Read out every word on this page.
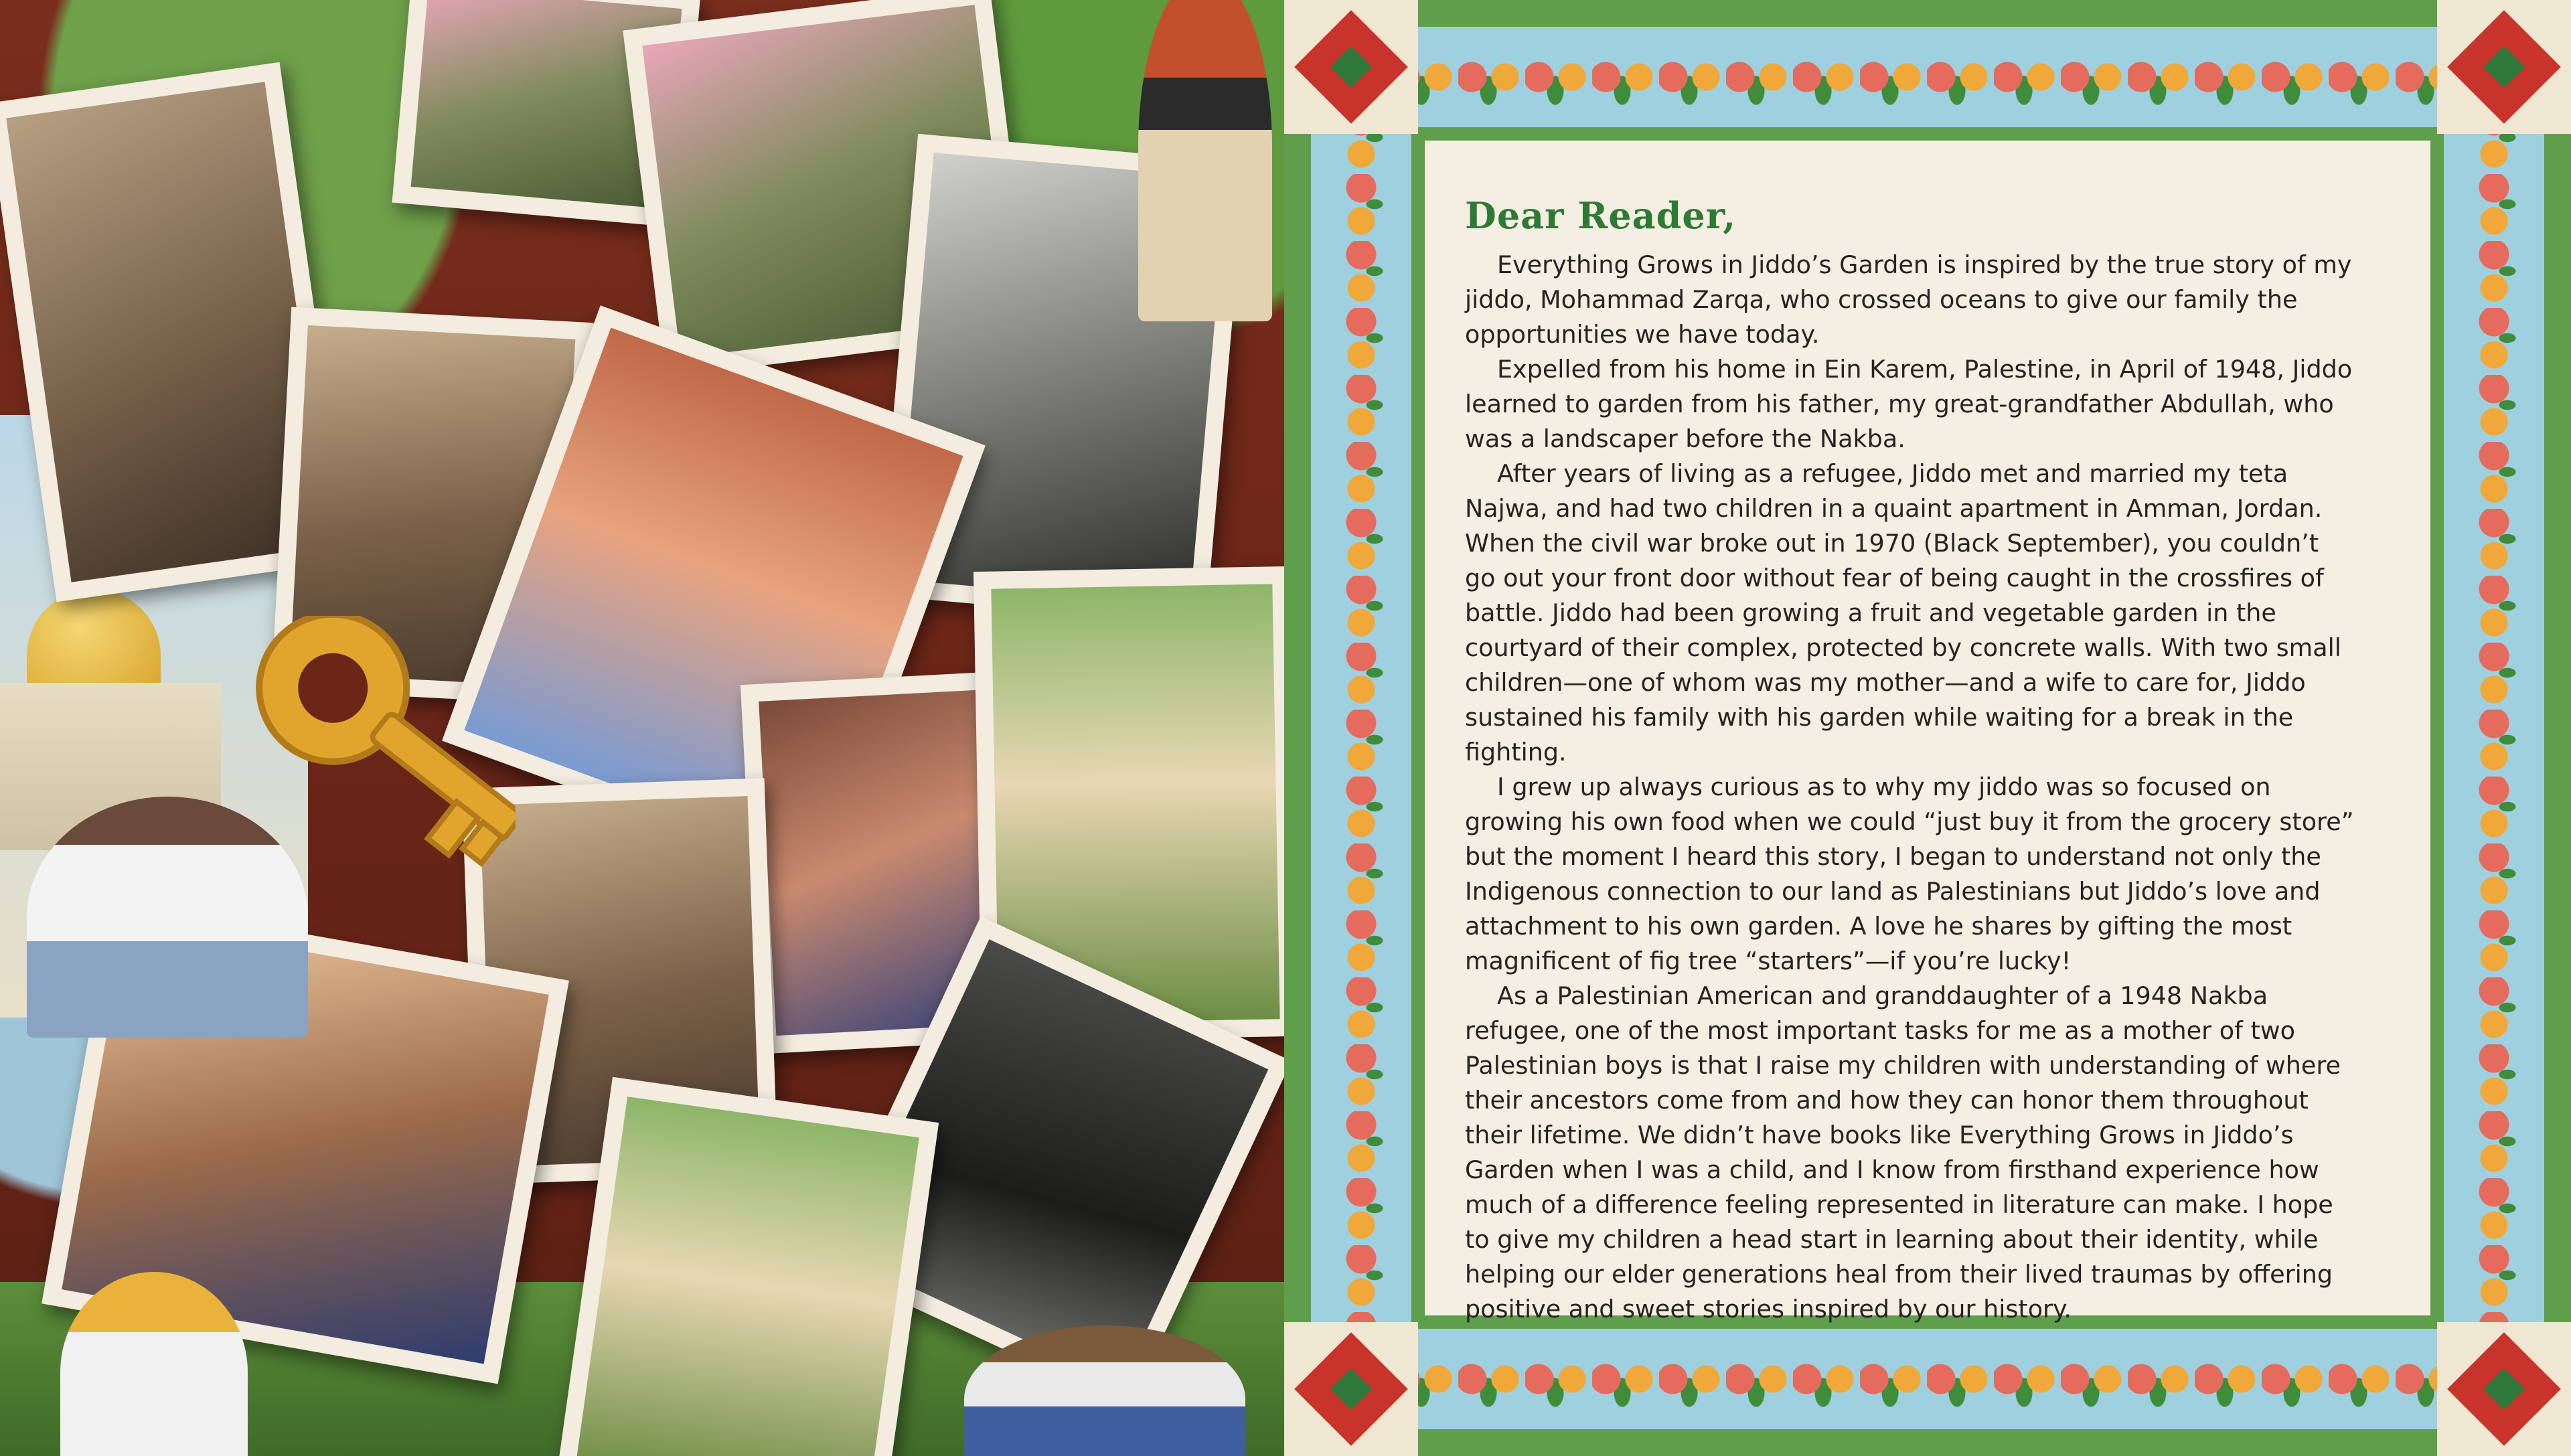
Dear Reader,

Everything Grows in Jiddo’s Garden is inspired by the true story of my jiddo, Mohammad Zarqa, who crossed oceans to give our family the opportunities we have today.

Expelled from his home in Ein Karem, Palestine, in April of 1948, Jiddo learned to garden from his father, my great-grandfather Abdullah, who was a landscaper before the Nakba.

After years of living as a refugee, Jiddo met and married my teta Najwa, and had two children in a quaint apartment in Amman, Jordan. When the civil war broke out in 1970 (Black September), you couldn’t go out your front door without fear of being caught in the crossfires of battle. Jiddo had been growing a fruit and vegetable garden in the courtyard of their complex, protected by concrete walls. With two small children—one of whom was my mother—and a wife to care for, Jiddo sustained his family with his garden while waiting for a break in the fighting.

I grew up always curious as to why my jiddo was so focused on growing his own food when we could “just buy it from the grocery store” but the moment I heard this story, I began to understand not only the Indigenous connection to our land as Palestinians but Jiddo’s love and attachment to his own garden. A love he shares by gifting the most magnificent of fig tree “starters”—if you’re lucky!

As a Palestinian American and granddaughter of a 1948 Nakba refugee, one of the most important tasks for me as a mother of two Palestinian boys is that I raise my children with understanding of where their ancestors come from and how they can honor them throughout their lifetime. We didn’t have books like Everything Grows in Jiddo’s Garden when I was a child, and I know from firsthand experience how much of a difference feeling represented in literature can make. I hope to give my children a head start in learning about their identity, while helping our elder generations heal from their lived traumas by offering positive and sweet stories inspired by our history.
